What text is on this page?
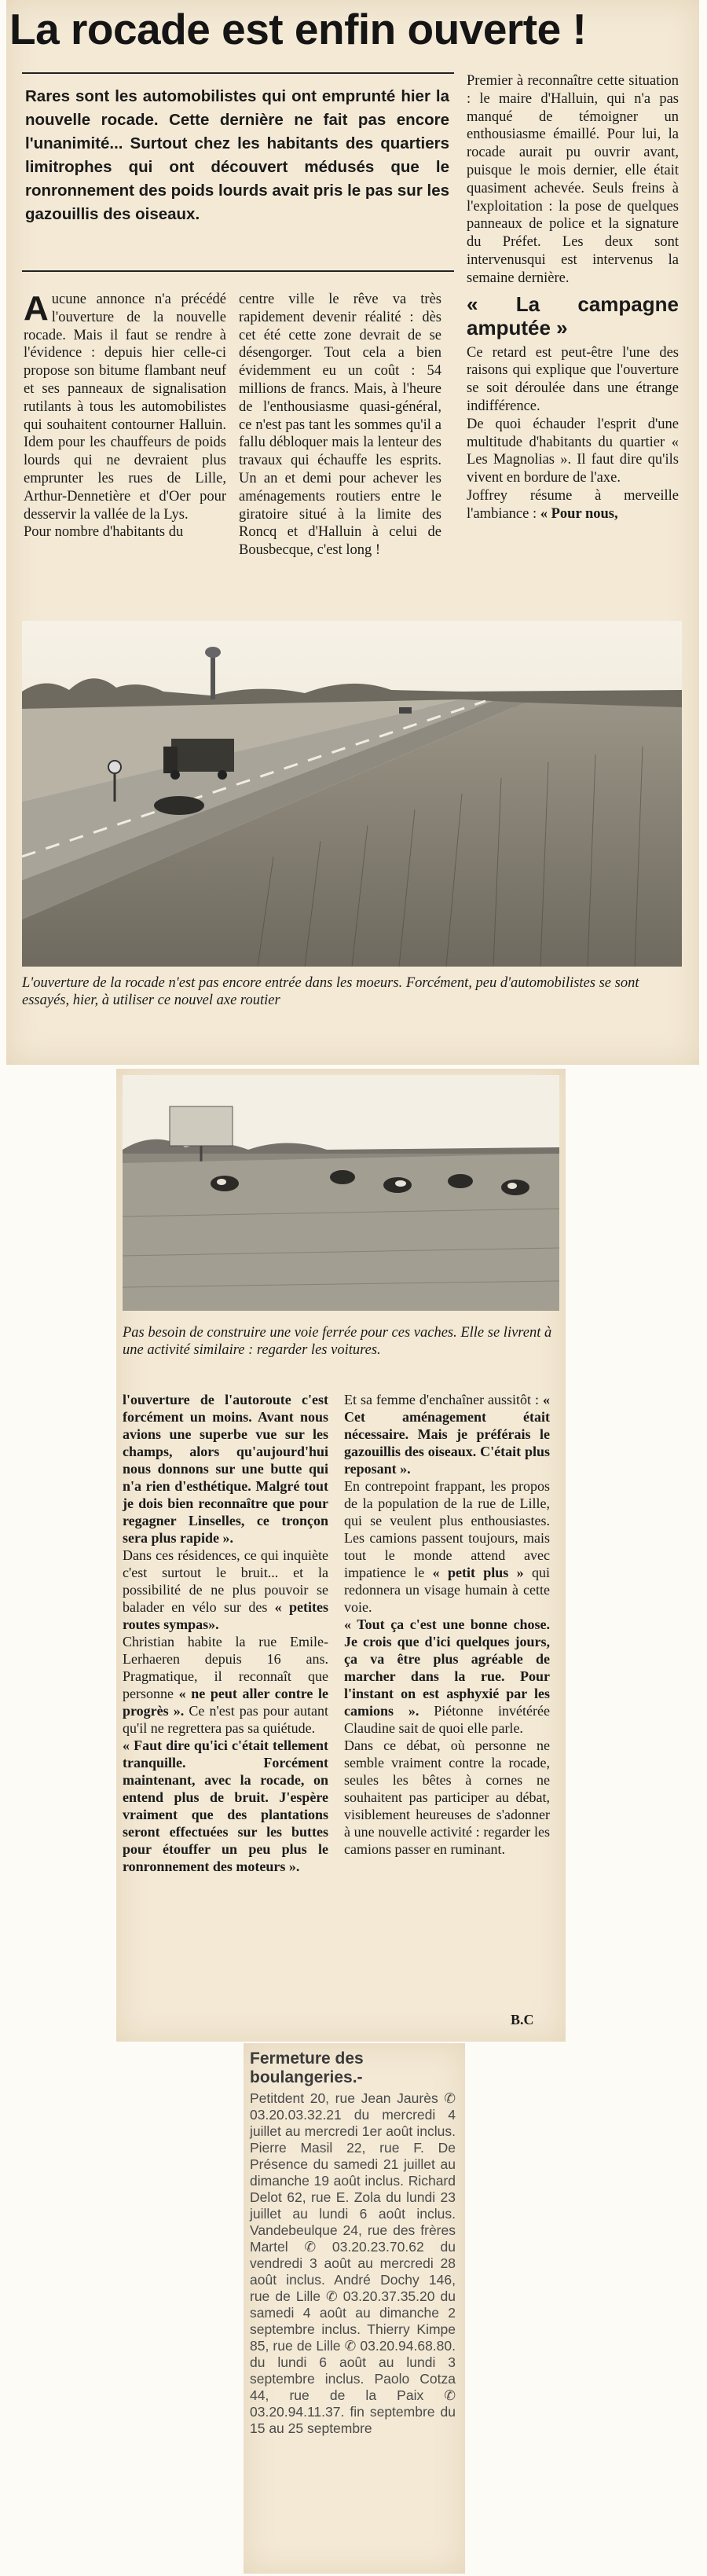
La rocade est enfin ouverte !
Rares sont les automobilistes qui ont emprunté hier la nouvelle rocade. Cette dernière ne fait pas encore l'unanimité... Surtout chez les habitants des quartiers limitrophes qui ont découvert médusés que le ronronnement des poids lourds avait pris le pas sur les gazouillis des oiseaux.

Aucune annonce n'a précédé l'ouverture de la nouvelle rocade. Mais il faut se rendre à l'évidence : depuis hier celle-ci propose son bitume flambant neuf et ses panneaux de signalisation rutilants à tous les automobilistes qui souhaitent contourner Halluin. Idem pour les chauffeurs de poids lourds qui ne devraient plus emprunter les rues de Lille, Arthur-Dennetière et d'Oer pour desservir la vallée de la Lys.

Pour nombre d'habitants du

centre ville le rêve va très rapidement devenir réalité : dès cet été cette zone devrait de se désengorger. Tout cela a bien évidemment eu un coût : 54 millions de francs. Mais, à l'heure de l'enthousiasme quasi-général, ce n'est pas tant les sommes qu'il a fallu débloquer mais la lenteur des travaux qui échauffe les esprits. Un an et demi pour achever les aménagements routiers entre le giratoire situé à la limite des Roncq et d'Halluin à celui de Bousbecque, c'est long !

Premier à reconnaître cette situation : le maire d'Halluin, qui n'a pas manqué de témoigner un enthousiasme émaillé. Pour lui, la rocade aurait pu ouvrir avant, puisque le mois dernier, elle était quasiment achevée. Seuls freins à l'exploitation : la pose de quelques panneaux de police et la signature du Préfet. Les deux sont intervenusqui est intervenus la semaine dernière.

« La campagne amputée »

Ce retard est peut-être l'une des raisons qui explique que l'ouverture se soit déroulée dans une étrange indifférence.

De quoi échauder l'esprit d'une multitude d'habitants du quartier « Les Magnolias ». Il faut dire qu'ils vivent en bordure de l'axe.

Joffrey résume à merveille l'ambiance : « Pour nous,

L'ouverture de la rocade n'est pas encore entrée dans les moeurs. Forcément, peu d'automobilistes se sont essayés, hier, à utiliser ce nouvel axe routier
Pas besoin de construire une voie ferrée pour ces vaches. Elle se livrent à une activité similaire : regarder les voitures.

l'ouverture de l'autoroute c'est forcément un moins. Avant nous avions une superbe vue sur les champs, alors qu'aujourd'hui nous donnons sur une butte qui n'a rien d'esthétique. Malgré tout je dois bien reconnaître que pour regagner Linselles, ce tronçon sera plus rapide ».

Dans ces résidences, ce qui inquiète c'est surtout le bruit... et la possibilité de ne plus pouvoir se balader en vélo sur des « petites routes sympas».

Christian habite la rue Emile-Lerhaeren depuis 16 ans. Pragmatique, il reconnaît que personne « ne peut aller contre le progrès ». Ce n'est pas pour autant qu'il ne regrettera pas sa quiétude.

« Faut dire qu'ici c'était tellement tranquille. Forcément maintenant, avec la rocade, on entend plus de bruit. J'espère vraiment que des plantations seront effectuées sur les buttes pour étouffer un peu plus le ronronnement des moteurs ».

Et sa femme d'enchaîner aussitôt : « Cet aménagement était nécessaire. Mais je préférais le gazouillis des oiseaux. C'était plus reposant ».

En contrepoint frappant, les propos de la population de la rue de Lille, qui se veulent plus enthousiastes. Les camions passent toujours, mais tout le monde attend avec impatience le « petit plus » qui redonnera un visage humain à cette voie.

« Tout ça c'est une bonne chose. Je crois que d'ici quelques jours, ça va être plus agréable de marcher dans la rue. Pour l'instant on est asphyxié par les camions ». Piétonne invétérée Claudine sait de quoi elle parle.

Dans ce débat, où personne ne semble vraiment contre la rocade, seules les bêtes à cornes ne souhaitent pas participer au débat, visiblement heureuses de s'adonner à une nouvelle activité : regarder les camions passer en ruminant.

B.C
Fermeture des boulangeries.-
Petitdent 20, rue Jean Jaurès ✆ 03.20.03.32.21 du mercredi 4 juillet au mercredi 1er août inclus. Pierre Masil 22, rue F. De Présence du samedi 21 juillet au dimanche 19 août inclus. Richard Delot 62, rue E. Zola du lundi 23 juillet au lundi 6 août inclus. Vandebeulque 24, rue des frères Martel ✆ 03.20.23.70.62 du vendredi 3 août au mercredi 28 août inclus. André Dochy 146, rue de Lille ✆ 03.20.37.35.20 du samedi 4 août au dimanche 2 septembre inclus. Thierry Kimpe 85, rue de Lille ✆ 03.20.94.68.80. du lundi 6 août au lundi 3 septembre inclus. Paolo Cotza 44, rue de la Paix ✆ 03.20.94.11.37. fin septembre du 15 au 25 septembre
